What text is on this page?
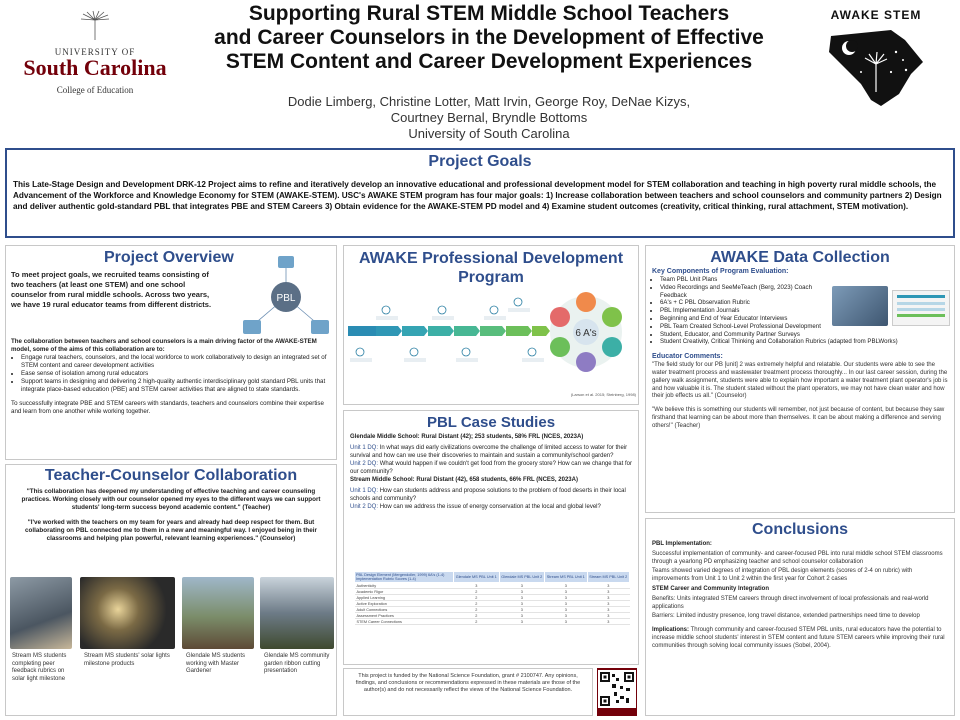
UNIVERSITY OF
South Carolina
College of Education
Supporting Rural STEM Middle School Teachers
and Career Counselors in the Development of Effective
STEM Content and Career Development Experiences
Dodie Limberg, Christine Lotter, Matt Irvin, George Roy, DeNae Kizys,
Courtney Bernal, Bryndle Bottoms
University of South Carolina
AWAKE STEM
Project Goals
This Late-Stage Design and Development DRK-12 Project aims to refine and iteratively develop an innovative educational and professional development model for STEM collaboration and teaching in high poverty rural middle schools, the Advancement of the Workforce and Knowledge Economy for STEM (AWAKE-STEM). USC's AWAKE STEM program has four major goals: 1) Increase collaboration between teachers and school counselors and community partners 2) Design and deliver authentic gold-standard PBL that integrates PBE and STEM Careers 3) Obtain evidence for the AWAKE-STEM PD model and 4) Examine student outcomes (creativity, critical thinking, rural attachment, STEM motivation).
Project Overview
To meet project goals, we recruited teams consisting of two teachers (at least one STEM) and one school counselor from rural middle schools. Across two years, we have 19 rural educator teams from different districts.
PBL
The collaboration between teachers and school counselors is a main driving factor of the AWAKE-STEM model, some of the aims of this collaboration are to:
• Engage rural teachers, counselors, and the local workforce to work collaboratively to design an integrated set of STEM content and career development activities
• Ease sense of isolation among rural educators
• Support teams in designing and delivering 2 high-quality authentic interdisciplinary gold standard PBL units that integrate place-based education (PBE) and STEM career activities that are aligned to state standards.
To successfully integrate PBE and STEM careers with standards, teachers and counselors combine their expertise and learn from one another while working together.
Teacher-Counselor Collaboration
"This collaboration has deepened my understanding of effective teaching and career counseling practices. Working closely with our counselor opened my eyes to the different ways we can support students' long-term success beyond academic content." (Teacher)
"I've worked with the teachers on my team for years and already had deep respect for them. But collaborating on PBL connected me to them in a new and meaningful way. I enjoyed being in their classrooms and helping plan powerful, relevant learning experiences." (Counselor)
Stream MS students completing peer feedback rubrics on solar light milestone
Stream MS students' solar lights milestone products
Glendale MS students working with Master Gardener
Glendale MS community garden ribbon cutting presentation
AWAKE Professional Development
Program
6 A's
(Larson et al. 2015; Steinberg, 1998)
PBL Case Studies
Glendale Middle School: Rural Distant (42); 253 students, 58% FRL (NCES, 2023A)
Unit 1 DQ: In what ways did early civilizations overcome the challenge of limited access to water for their survival and how can we use their discoveries to maintain and sustain a community/school garden?
Unit 2 DQ: What would happen if we couldn't get food from the grocery store? How can we change that for our community?
Stream Middle School: Rural Distant (42), 658 students, 66% FRL (NCES, 2023A)
Unit 1 DQ: How can students address and propose solutions to the problem of food deserts in their local schools and community?
Unit 2 DQ: How can we address the issue of energy conservation at the local and global level?
PBL Design Element (Mergendoller, 1999) 6A's (1-4) Implementation Rubric Scores (1-4)	Glendale MS PBL Unit 1	Glendale MS PBL Unit 2	Stream MS PBL Unit 1	Stream MS PBL Unit 2
Authenticity	3	3	3	3
Academic Rigor	2	3	3	3
Applied Learning	2	3	3	3
Active Exploration	2	3	3	3
Adult Connections	2	3	3	3
Assessment Practices	2	3	3	3
STEM Career Connections	2	3	3	3
This project is funded by the National Science Foundation, grant # 2100747. Any opinions, findings, and conclusions or recommendations expressed in these materials are those of the author(s) and do not necessarily reflect the views of the National Science Foundation.
AWAKE Data Collection
Key Components of Program Evaluation:
• Team PBL Unit Plans
• Video Recordings and SeeMeTeach (Berg, 2023) Coach Feedback
• 6A's + C PBL Observation Rubric
• PBL Implementation Journals
• Beginning and End of Year Educator Interviews
• PBL Team Created School-Level Professional Development
• Student, Educator, and Community Partner Surveys
• Student Creativity, Critical Thinking and Collaboration Rubrics (adapted from PBLWorks)
Educator Comments:
"The field study for our PB [unit] 2 was extremely helpful and relatable. Our students were able to see the water treatment process and wastewater treatment process thoroughly... In our last career session, during the gallery walk assignment, students were able to explain how important a water treatment plant operator's job is and how valuable it is. The student stated without the plant operators, we may not have clean water and how their job effects us all." (Counselor)
"We believe this is something our students will remember, not just because of content, but because they saw firsthand that learning can be about more than themselves. It can be about making a difference and serving others!" (Teacher)
Conclusions

PBL Implementation:

Successful implementation of community- and career-focused PBL into rural middle school STEM classrooms through a yearlong PD emphasizing teacher and school counselor collaboration

Teams showed varied degrees of integration of PBL design elements (scores of 2-4 on rubric) with improvements from Unit 1 to Unit 2 within the first year for Cohort 2 cases

STEM Career and Community Integration

Benefits: Units integrated STEM careers through direct involvement of local professionals and real-world applications

Barriers: Limited industry presence, long travel distance, extended partnerships need time to develop

Implications: Through community and career-focused STEM PBL units, rural educators have the potential to increase middle school students' interest in STEM content and future STEM careers while improving their rural communities through solving local community issues (Sobel, 2004).
